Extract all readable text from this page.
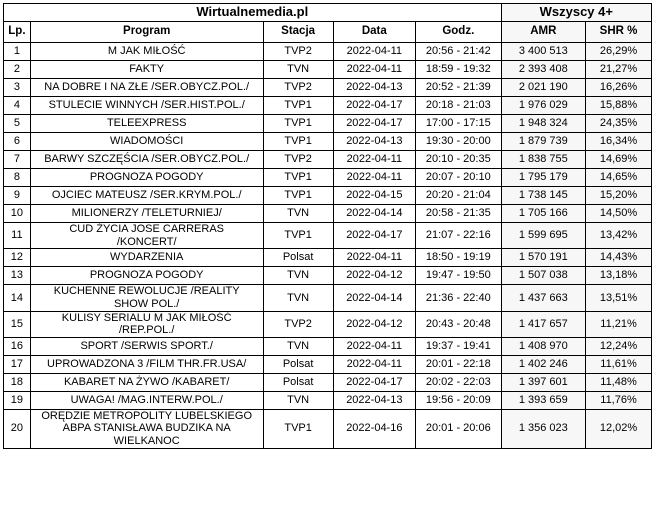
Wirtualnemedia.pl					Wszyscy 4+	
Lp.	Program	Stacja	Data	Godz.	AMR	SHR %
1	M JAK MIŁOŚĆ	TVP2	2022-04-11	20:56 - 21:42	3 400 513	26,29%
2	FAKTY	TVN	2022-04-11	18:59 - 19:32	2 393 408	21,27%
3	NA DOBRE I NA ZŁE /SER.OBYCZ.POL./	TVP2	2022-04-13	20:52 - 21:39	2 021 190	16,26%
4	STULECIE WINNYCH /SER.HIST.POL./	TVP1	2022-04-17	20:18 - 21:03	1 976 029	15,88%
5	TELEEXPRESS	TVP1	2022-04-17	17:00 - 17:15	1 948 324	24,35%
6	WIADOMOŚCI	TVP1	2022-04-13	19:30 - 20:00	1 879 739	16,34%
7	BARWY SZCZĘŚCIA /SER.OBYCZ.POL./	TVP2	2022-04-11	20:10 - 20:35	1 838 755	14,69%
8	PROGNOZA POGODY	TVP1	2022-04-11	20:07 - 20:10	1 795 179	14,65%
9	OJCIEC MATEUSZ /SER.KRYM.POL./	TVP1	2022-04-15	20:20 - 21:04	1 738 145	15,20%
10	MILIONERZY /TELETURNIEJ/	TVN	2022-04-14	20:58 - 21:35	1 705 166	14,50%
11	CUD ŻYCIA JOSE CARRERAS
/KONCERT/	TVP1	2022-04-17	21:07 - 22:16	1 599 695	13,42%
12	WYDARZENIA	Polsat	2022-04-11	18:50 - 19:19	1 570 191	14,43%
13	PROGNOZA POGODY	TVN	2022-04-12	19:47 - 19:50	1 507 038	13,18%
14	KUCHENNE REWOLUCJE /REALITY
SHOW POL./	TVN	2022-04-14	21:36 - 22:40	1 437 663	13,51%
15	KULISY SERIALU M JAK MIŁOŚĆ
/REP.POL./	TVP2	2022-04-12	20:43 - 20:48	1 417 657	11,21%
16	SPORT /SERWIS SPORT./	TVN	2022-04-11	19:37 - 19:41	1 408 970	12,24%
17	UPROWADZONA 3 /FILM THR.FR.USA/	Polsat	2022-04-11	20:01 - 22:18	1 402 246	11,61%
18	KABARET NA ŻYWO /KABARET/	Polsat	2022-04-17	20:02 - 22:03	1 397 601	11,48%
19	UWAGA! /MAG.INTERW.POL./	TVN	2022-04-13	19:56 - 20:09	1 393 659	11,76%
20	ORĘDZIE METROPOLITY LUBELSKIEGO
ABPA STANISŁAWA BUDZIKA NA
WIELKANOC	TVP1	2022-04-16	20:01 - 20:06	1 356 023	12,02%
